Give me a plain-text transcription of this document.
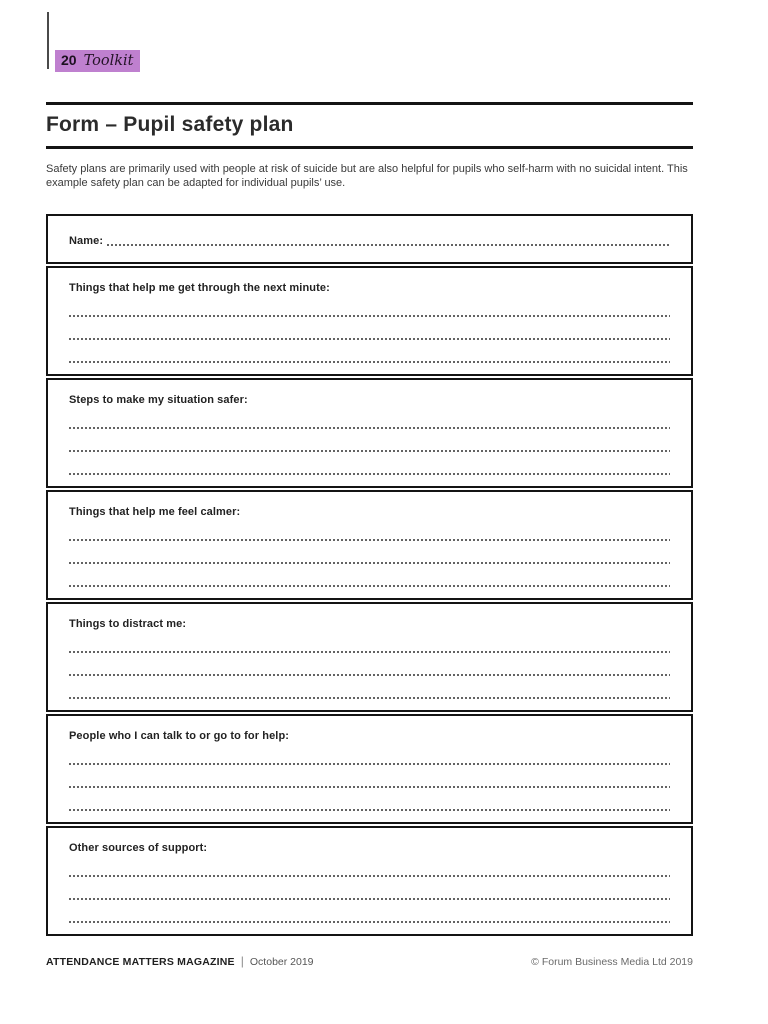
20 Toolkit
Form – Pupil safety plan

Safety plans are primarily used with people at risk of suicide but are also helpful for pupils who self-harm with no suicidal intent. This example safety plan can be adapted for individual pupils’ use.

Name:
Things that help me get through the next minute:
Steps to make my situation safer:
Things that help me feel calmer:
Things to distract me:
People who I can talk to or go to for help:
Other sources of support:
ATTENDANCE MATTERS MAGAZINE | October 2019	© Forum Business Media Ltd 2019
